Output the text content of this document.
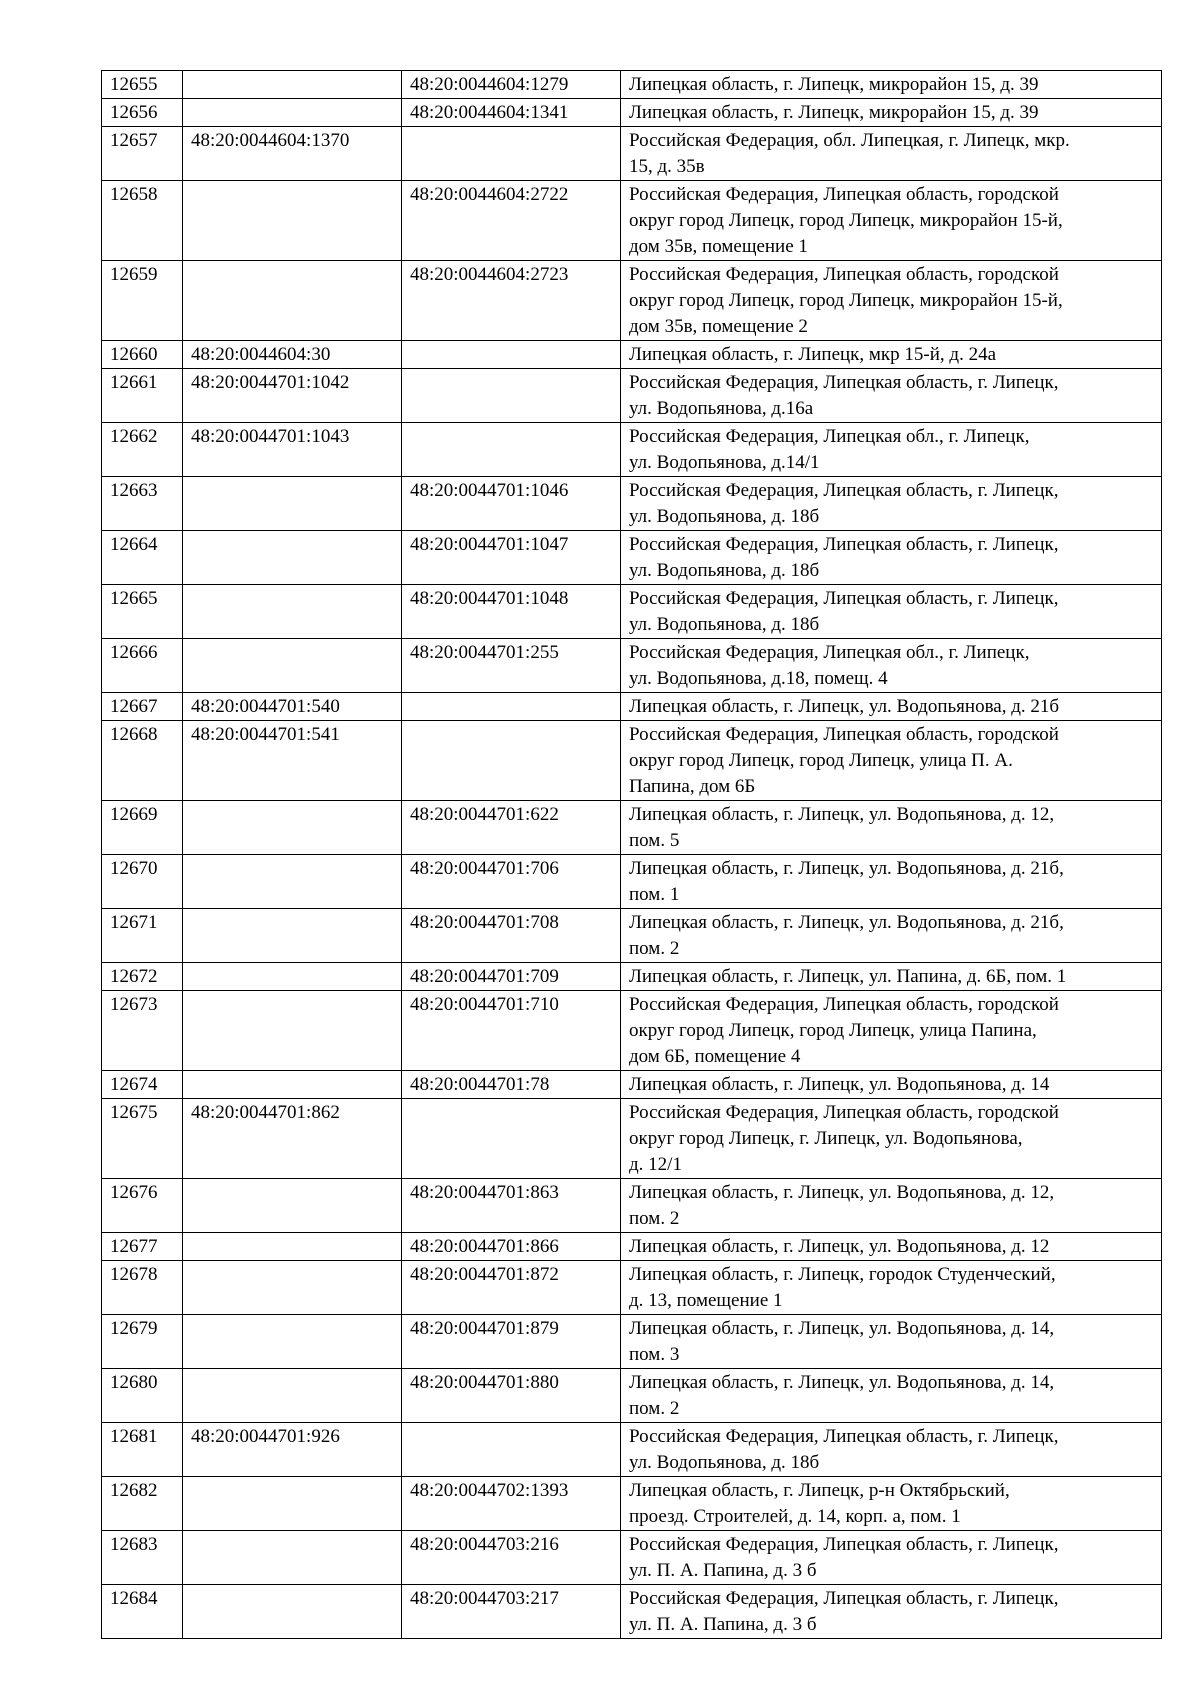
12655		48:20:0044604:1279	Липецкая область, г. Липецк, микрорайон 15, д. 39
12656		48:20:0044604:1341	Липецкая область, г. Липецк, микрорайон 15, д. 39
12657	48:20:0044604:1370		Российская Федерация, обл. Липецкая, г. Липецк, мкр.
15, д. 35в
12658		48:20:0044604:2722	Российская Федерация, Липецкая область, городской
округ город Липецк, город Липецк, микрорайон 15-й,
дом 35в, помещение 1
12659		48:20:0044604:2723	Российская Федерация, Липецкая область, городской
округ город Липецк, город Липецк, микрорайон 15-й,
дом 35в, помещение 2
12660	48:20:0044604:30		Липецкая область, г. Липецк, мкр 15-й, д. 24а
12661	48:20:0044701:1042		Российская Федерация, Липецкая область, г. Липецк,
ул. Водопьянова, д.16а
12662	48:20:0044701:1043		Российская Федерация, Липецкая обл., г. Липецк,
ул. Водопьянова, д.14/1
12663		48:20:0044701:1046	Российская Федерация, Липецкая область, г. Липецк,
ул. Водопьянова, д. 18б
12664		48:20:0044701:1047	Российская Федерация, Липецкая область, г. Липецк,
ул. Водопьянова, д. 18б
12665		48:20:0044701:1048	Российская Федерация, Липецкая область, г. Липецк,
ул. Водопьянова, д. 18б
12666		48:20:0044701:255	Российская Федерация, Липецкая обл., г. Липецк,
ул. Водопьянова, д.18, помещ. 4
12667	48:20:0044701:540		Липецкая область, г. Липецк, ул. Водопьянова, д. 21б
12668	48:20:0044701:541		Российская Федерация, Липецкая область, городской
округ город Липецк, город Липецк, улица П. А.
Папина, дом 6Б
12669		48:20:0044701:622	Липецкая область, г. Липецк, ул. Водопьянова, д. 12,
пом. 5
12670		48:20:0044701:706	Липецкая область, г. Липецк, ул. Водопьянова, д. 21б,
пом. 1
12671		48:20:0044701:708	Липецкая область, г. Липецк, ул. Водопьянова, д. 21б,
пом. 2
12672		48:20:0044701:709	Липецкая область, г. Липецк, ул. Папина, д. 6Б, пом. 1
12673		48:20:0044701:710	Российская Федерация, Липецкая область, городской
округ город Липецк, город Липецк, улица Папина,
дом 6Б, помещение 4
12674		48:20:0044701:78	Липецкая область, г. Липецк, ул. Водопьянова, д. 14
12675	48:20:0044701:862		Российская Федерация, Липецкая область, городской
округ город Липецк, г. Липецк, ул. Водопьянова,
д. 12/1
12676		48:20:0044701:863	Липецкая область, г. Липецк, ул. Водопьянова, д. 12,
пом. 2
12677		48:20:0044701:866	Липецкая область, г. Липецк, ул. Водопьянова, д. 12
12678		48:20:0044701:872	Липецкая область, г. Липецк, городок Студенческий,
д. 13, помещение 1
12679		48:20:0044701:879	Липецкая область, г. Липецк, ул. Водопьянова, д. 14,
пом. 3
12680		48:20:0044701:880	Липецкая область, г. Липецк, ул. Водопьянова, д. 14,
пом. 2
12681	48:20:0044701:926		Российская Федерация, Липецкая область, г. Липецк,
ул. Водопьянова, д. 18б
12682		48:20:0044702:1393	Липецкая область, г. Липецк, р-н Октябрьский,
проезд. Строителей, д. 14, корп. а, пом. 1
12683		48:20:0044703:216	Российская Федерация, Липецкая область, г. Липецк,
ул. П. А. Папина, д. 3 б
12684		48:20:0044703:217	Российская Федерация, Липецкая область, г. Липецк,
ул. П. А. Папина, д. 3 б
